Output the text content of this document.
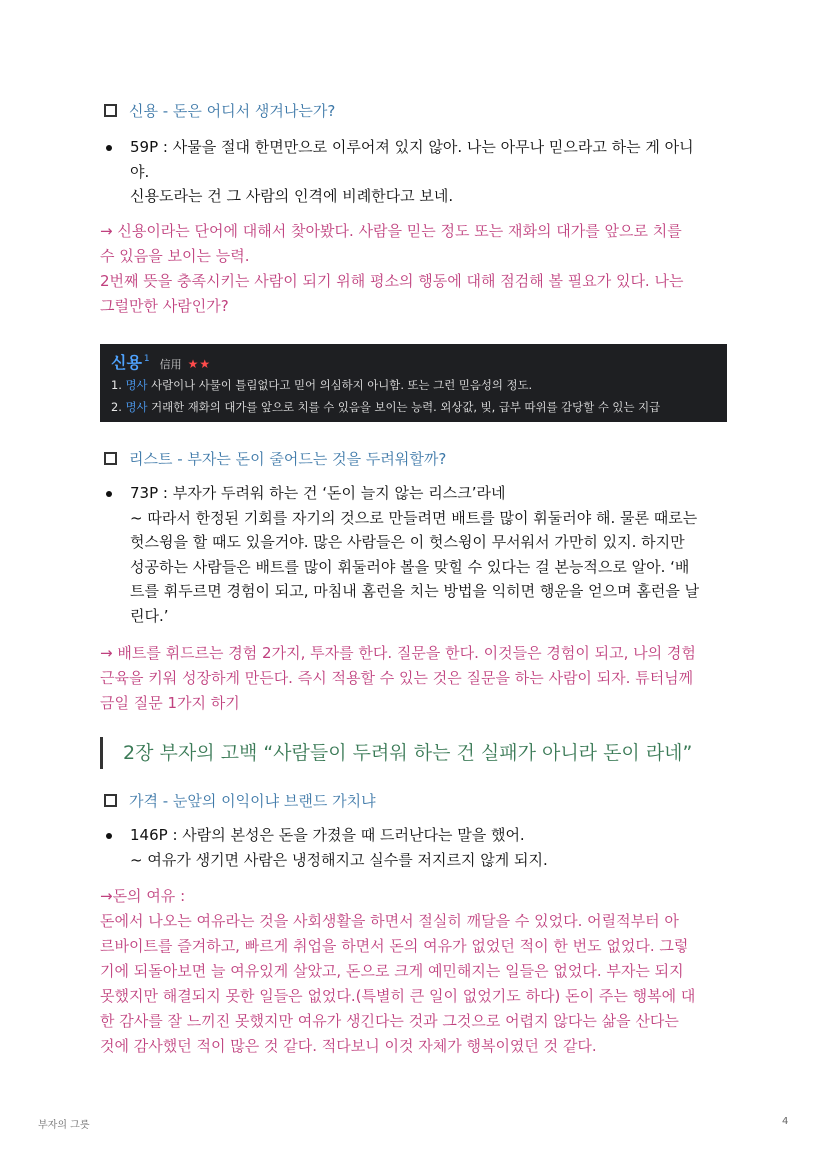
신용 - 돈은 어디서 생겨나는가?
59P : 사물을 절대 한면만으로 이루어져 있지 않아. 나는 아무나 믿으라고 하는 게 아니
야.
신용도라는 건 그 사람의 인격에 비례한다고 보네.
→ 신용이라는 단어에 대해서 찾아봤다. 사람을 믿는 정도 또는 재화의 대가를 앞으로 치를
수 있음을 보이는 능력.
2번째 뜻을 충족시키는 사람이 되기 위해 평소의 행동에 대해 점검해 볼 필요가 있다. 나는
그럴만한 사람인가?
신용 1 信用 ★★
1. 명사 사람이나 사물이 틀림없다고 믿어 의심하지 아니함. 또는 그런 믿음성의 정도.
2. 명사 거래한 재화의 대가를 앞으로 치를 수 있음을 보이는 능력. 외상값, 빚, 급부 따위를 감당할 수 있는 지급
리스트 - 부자는 돈이 줄어드는 것을 두려워할까?
73P : 부자가 두려워 하는 건 ‘돈이 늘지 않는 리스크’라네
~ 따라서 한정된 기회를 자기의 것으로 만들려면 배트를 많이 휘둘러야 해. 물론 때로는
헛스윙을 할 때도 있을거야. 많은 사람들은 이 헛스윙이 무서워서 가만히 있지. 하지만
성공하는 사람들은 배트를 많이 휘둘러야 볼을 맞힐 수 있다는 걸 본능적으로 알아. ‘배
트를 휘두르면 경험이 되고, 마침내 홈런을 치는 방법을 익히면 행운을 얻으며 홈런을 날
린다.’
→ 배트를 휘드르는 경험 2가지, 투자를 한다. 질문을 한다. 이것들은 경험이 되고, 나의 경험
근육을 키워 성장하게 만든다. 즉시 적용할 수 있는 것은 질문을 하는 사람이 되자. 튜터님께
금일 질문 1가지 하기
2장 부자의 고백 “사람들이 두려워 하는 건 실패가 아니라 돈이 라네”
가격 - 눈앞의 이익이냐 브랜드 가치냐
146P : 사람의 본성은 돈을 가졌을 때 드러난다는 말을 했어.
~ 여유가 생기면 사람은 냉정해지고 실수를 저지르지 않게 되지.
→돈의 여유 :
돈에서 나오는 여유라는 것을 사회생활을 하면서 절실히 깨달을 수 있었다. 어릴적부터 아
르바이트를 즐겨하고, 빠르게 취업을 하면서 돈의 여유가 없었던 적이 한 번도 없었다. 그렇
기에 되돌아보면 늘 여유있게 살았고, 돈으로 크게 예민해지는 일들은 없었다. 부자는 되지
못했지만 해결되지 못한 일들은 없었다.(특별히 큰 일이 없었기도 하다) 돈이 주는 행복에 대
한 감사를 잘 느끼진 못했지만 여유가 생긴다는 것과 그것으로 어렵지 않다는 삶을 산다는
것에 감사했던 적이 많은 것 같다. 적다보니 이것 자체가 행복이였던 것 같다.
부자의 그릇	4
